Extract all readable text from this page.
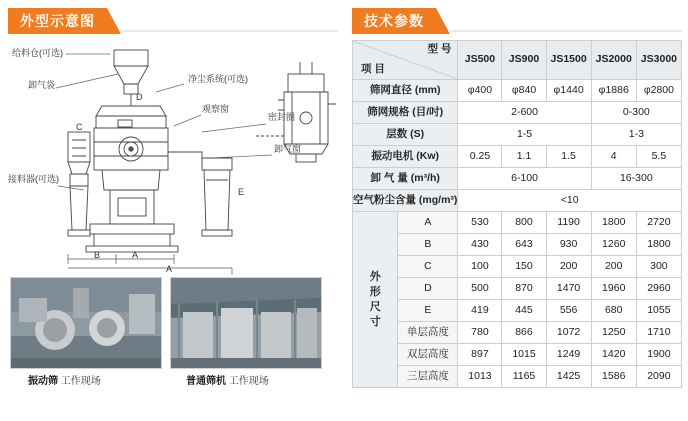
外型示意图	技术参数
给料仓(可选)
卸气袋
净尘系统(可选)
观察窗
密封圈
卸气窗
接料器(可选)
C
D
E
B	A
A
振动筛 工作现场	普通筛机 工作现场
型 号
项 目		JS500	JS900	JS1500	JS2000	JS3000
筛网直径 (mm)		φ400	φ840	φ1440	φ1886	φ2800
筛网规格 (目/吋)		2-600			0-300	
层数 (S)		1-5			1-3	
振动电机 (Kw)		0.25	1.1	1.5	4	5.5
卸 气 量 (m³/h)		6-100			16-300	
空气粉尘含量 (mg/m³)		<10				

外
形
尺
寸	A	530	800	1190	1800	2720
	B	430	643	930	1260	1800
	C	100	150	200	200	300
	D	500	870	1470	1960	2960
	E	419	445	556	680	1055
	单层高度	780	866	1072	1250	1710
	双层高度	897	1015	1249	1420	1900
	三层高度	1013	1165	1425	1586	2090
